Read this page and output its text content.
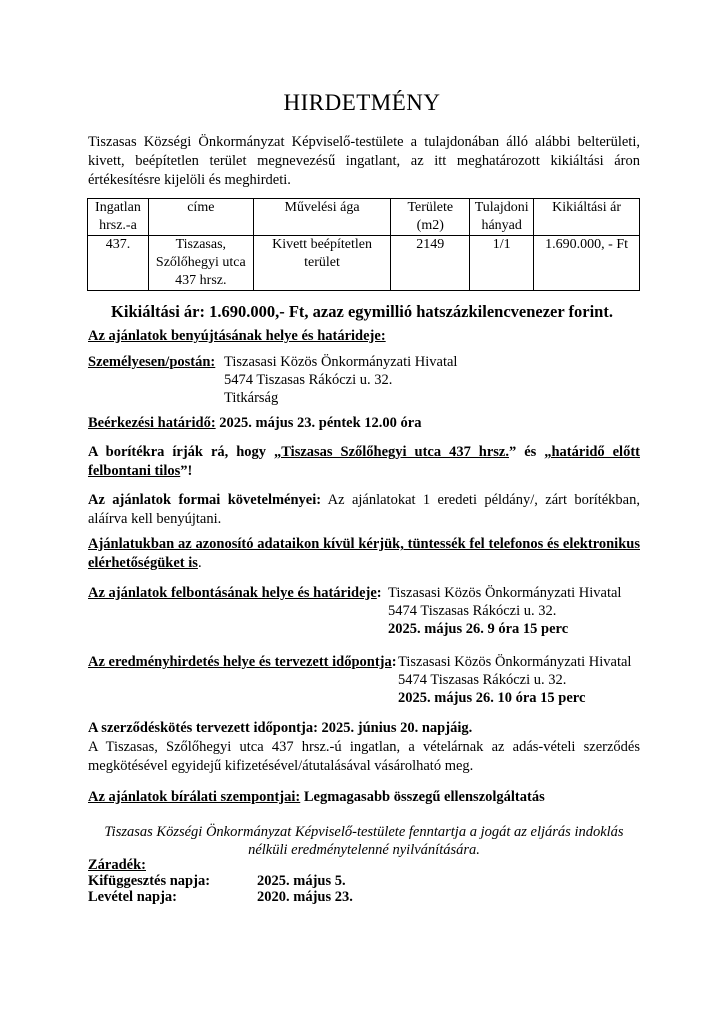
HIRDETMÉNY
Tiszasas Községi Önkormányzat Képviselő-testülete a tulajdonában álló alábbi belterületi, kivett, beépítetlen terület megnevezésű ingatlant, az itt meghatározott kikiáltási áron értékesítésre kijelöli és meghirdeti.
Ingatlan hrsz.-a	címe	Művelési ága	Területe (m2)	Tulajdoni hányad	Kikiáltási ár
437.	Tiszasas, Szőlőhegyi utca 437 hrsz.	Kivett beépítetlen terület	2149	1/1	1.690.000, - Ft
Kikiáltási ár: 1.690.000,- Ft, azaz egymillió hatszázkilencvenezer forint.
Az ajánlatok benyújtásának helye és határideje:
Személyesen/postán: Tiszasasi Közös Önkormányzati Hivatal
5474 Tiszasas Rákóczi u. 32.
Titkárság
Beérkezési határidő: 2025. május 23. péntek 12.00 óra
A borítékra írják rá, hogy „Tiszasas Szőlőhegyi utca 437 hrsz.” és „határidő előtt felbontani tilos”!
Az ajánlatok formai követelményei: Az ajánlatokat 1 eredeti példány/, zárt borítékban, aláírva kell benyújtani.
Ajánlatukban az azonosító adataikon kívül kérjük, tüntessék fel telefonos és elektronikus elérhetőségüket is.
Az ajánlatok felbontásának helye és határideje: Tiszasasi Közös Önkormányzati Hivatal
5474 Tiszasas Rákóczi u. 32.
2025. május 26. 9 óra 15 perc
Az eredményhirdetés helye és tervezett időpontja: Tiszasasi Közös Önkormányzati Hivatal
5474 Tiszasas Rákóczi u. 32.
2025. május 26. 10 óra 15 perc
A szerződéskötés tervezett időpontja: 2025. június 20. napjáig.
A Tiszasas, Szőlőhegyi utca 437 hrsz.-ú ingatlan, a vételárnak az adás-vételi szerződés megkötésével egyidejű kifizetésével/átutalásával vásárolható meg.
Az ajánlatok bírálati szempontjai: Legmagasabb összegű ellenszolgáltatás
Tiszasas Községi Önkormányzat Képviselő-testülete fenntartja a jogát az eljárás indoklás nélküli eredménytelenné nyilvánítására.
Záradék:
Kifüggesztés napja:	2025. május 5.
Levétel napja:	2020. május 23.
